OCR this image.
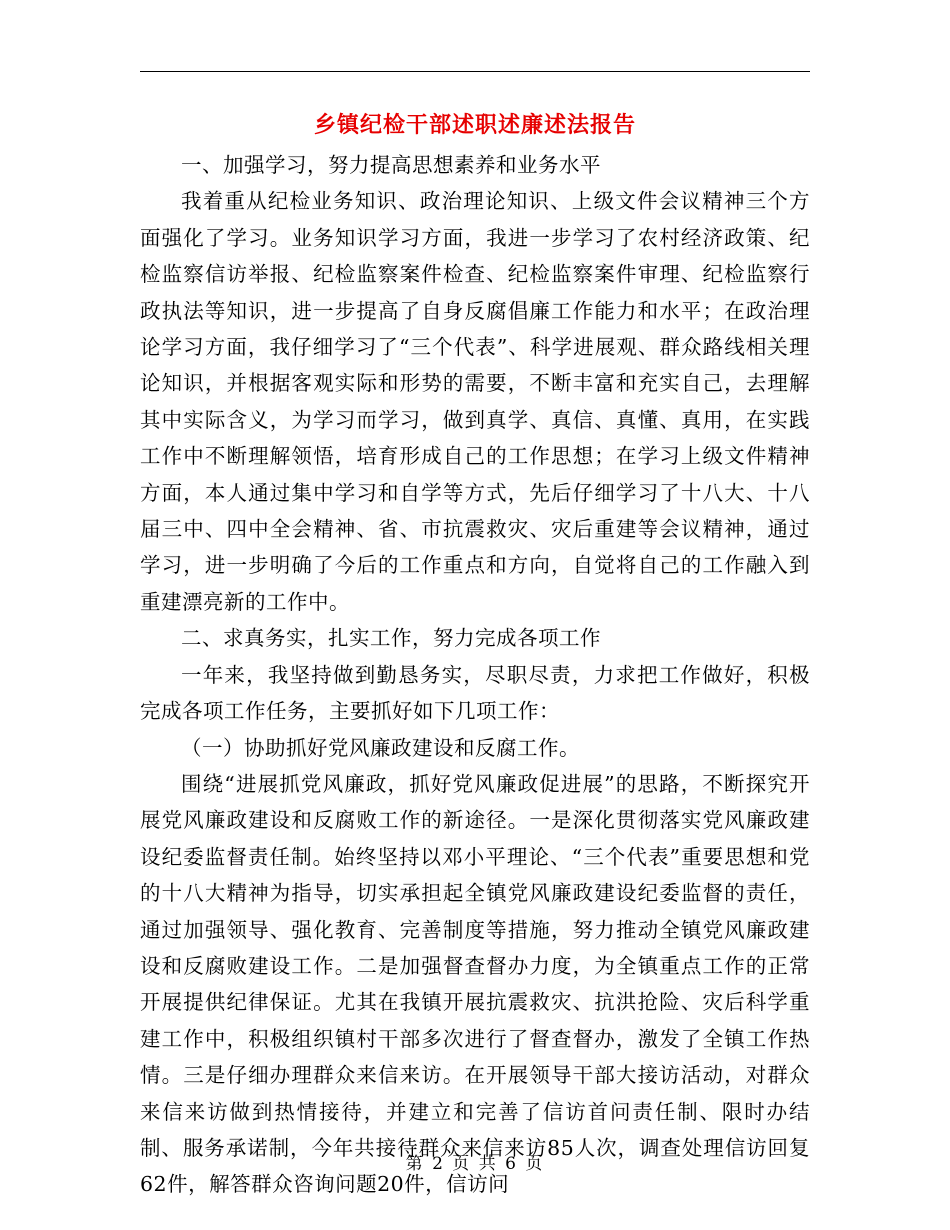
乡镇纪检干部述职述廉述法报告

一、加强学习，努力提高思想素养和业务水平

我着重从纪检业务知识、政治理论知识、上级文件会议精神三个方面强化了学习。业务知识学习方面，我进一步学习了农村经济政策、纪检监察信访举报、纪检监察案件检查、纪检监察案件审理、纪检监察行政执法等知识，进一步提高了自身反腐倡廉工作能力和水平；在政治理论学习方面，我仔细学习了“三个代表”、科学进展观、群众路线相关理论知识，并根据客观实际和形势的需要，不断丰富和充实自己，去理解其中实际含义，为学习而学习，做到真学、真信、真懂、真用，在实践工作中不断理解领悟，培育形成自己的工作思想；在学习上级文件精神方面，本人通过集中学习和自学等方式，先后仔细学习了十八大、十八届三中、四中全会精神、省、市抗震救灾、灾后重建等会议精神，通过学习，进一步明确了今后的工作重点和方向，自觉将自己的工作融入到重建漂亮新的工作中。

二、求真务实，扎实工作，努力完成各项工作

一年来，我坚持做到勤恳务实，尽职尽责，力求把工作做好，积极完成各项工作任务，主要抓好如下几项工作：

（一）协助抓好党风廉政建设和反腐工作。

围绕“进展抓党风廉政，抓好党风廉政促进展”的思路，不断探究开展党风廉政建设和反腐败工作的新途径。一是深化贯彻落实党风廉政建设纪委监督责任制。始终坚持以邓小平理论、“三个代表”重要思想和党的十八大精神为指导，切实承担起全镇党风廉政建设纪委监督的责任，通过加强领导、强化教育、完善制度等措施，努力推动全镇党风廉政建设和反腐败建设工作。二是加强督查督办力度，为全镇重点工作的正常开展提供纪律保证。尤其在我镇开展抗震救灾、抗洪抢险、灾后科学重建工作中，积极组织镇村干部多次进行了督查督办，激发了全镇工作热情。三是仔细办理群众来信来访。在开展领导干部大接访活动，对群众来信来访做到热情接待，并建立和完善了信访首问责任制、限时办结制、服务承诺制，今年共接待群众来信来访85人次，调查处理信访回复62件，解答群众咨询问题20件，信访问

第 2 页 共 6 页
